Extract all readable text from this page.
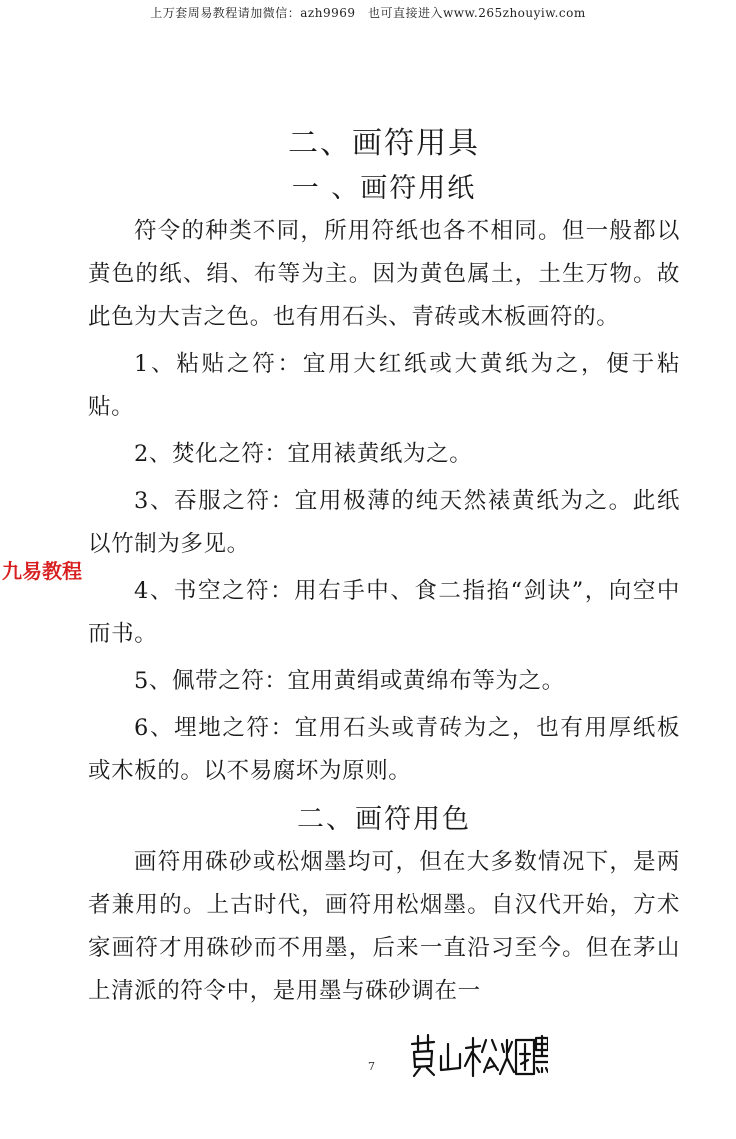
上万套周易教程请加微信：azh9969　也可直接进入www.265zhouyiw.com
二、画符用具
一 、画符用纸

符令的种类不同，所用符纸也各不相同。但一般都以黄色的纸、绢、布等为主。因为黄色属土，土生万物。故此色为大吉之色。也有用石头、青砖或木板画符的。

1、粘贴之符：宜用大红纸或大黄纸为之，便于粘贴。

2、焚化之符：宜用裱黄纸为之。

3、吞服之符：宜用极薄的纯天然裱黄纸为之。此纸以竹制为多见。

4、书空之符：用右手中、食二指掐“剑诀”，向空中而书。

5、佩带之符：宜用黄绢或黄绵布等为之。

6、埋地之符：宜用石头或青砖为之，也有用厚纸板或木板的。以不易腐坏为原则。

二、画符用色

画符用硃砂或松烟墨均可，但在大多数情况下，是两者兼用的。上古时代，画符用松烟墨。自汉代开始，方术家画符才用硃砂而不用墨，后来一直沿习至今。但在茅山上清派的符令中，是用墨与硃砂调在一

九易教程
7
